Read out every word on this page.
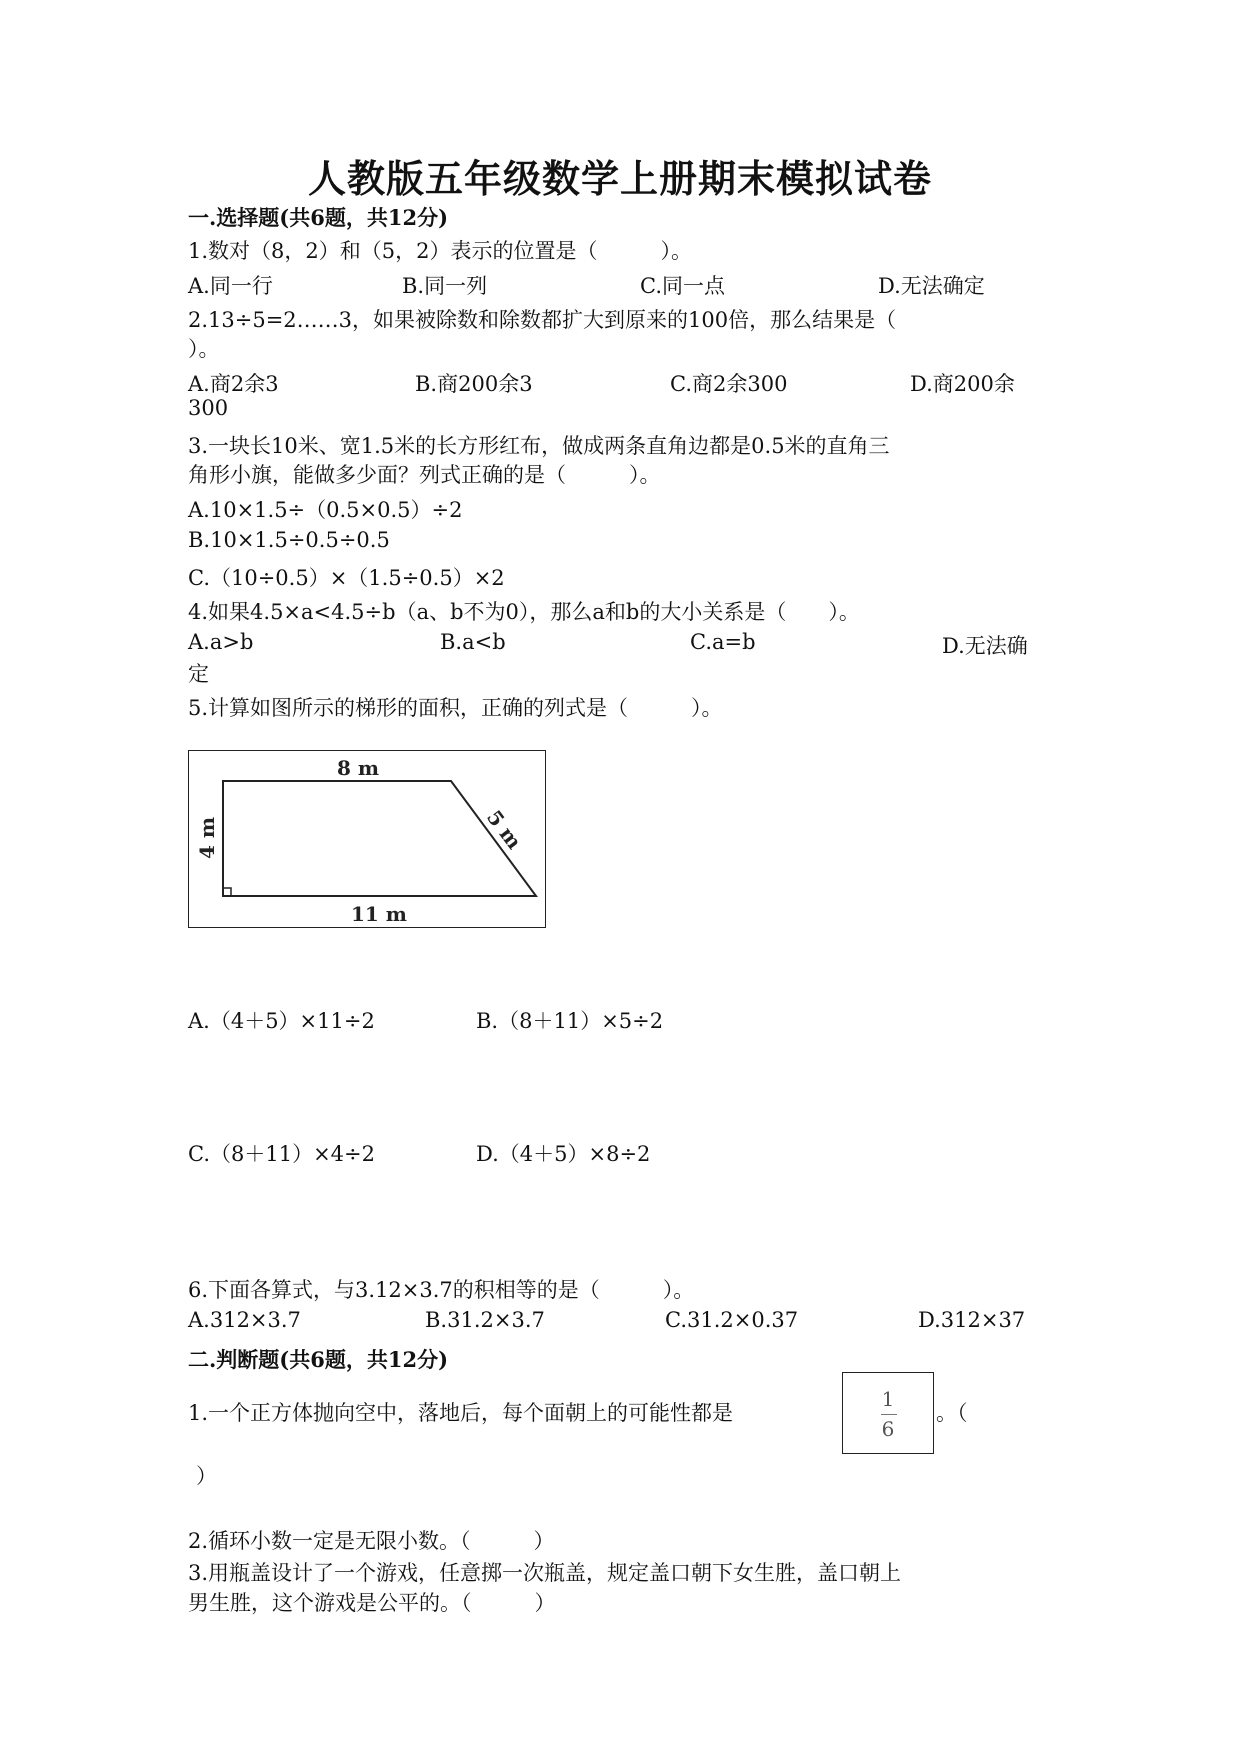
人教版五年级数学上册期末模拟试卷
一.选择题(共6题，共12分)
1.数对（8，2）和（5，2）表示的位置是（　　　）。
A.同一行	B.同一列	C.同一点	D.无法确定
2.13÷5=2……3，如果被除数和除数都扩大到原来的100倍，那么结果是（
）。
A.商2余3	B.商200余3	C.商2余300	D.商200余
300
3.一块长10米、宽1.5米的长方形红布，做成两条直角边都是0.5米的直角三
角形小旗，能做多少面？列式正确的是（　　　）。
A.10×1.5÷（0.5×0.5）÷2
B.10×1.5÷0.5÷0.5
C.（10÷0.5）×（1.5÷0.5）×2
4.如果4.5×a<4.5÷b（a、b不为0），那么a和b的大小关系是（　　）。
A.a>b	B.a<b	C.a=b	D.无法确
定
5.计算如图所示的梯形的面积，正确的列式是（　　　）。
8 m
11 m
4 m	5 m
A.（4＋5）×11÷2	B.（8＋11）×5÷2
C.（8＋11）×4÷2	D.（4＋5）×8÷2
6.下面各算式，与3.12×3.7的积相等的是（　　　）。
A.312×3.7	B.31.2×3.7	C.31.2×0.37	D.312×37
二.判断题(共6题，共12分)
1.一个正方体抛向空中，落地后，每个面朝上的可能性都是
1
6
。（
）
2.循环小数一定是无限小数。（　　　）
3.用瓶盖设计了一个游戏，任意掷一次瓶盖，规定盖口朝下女生胜，盖口朝上
男生胜，这个游戏是公平的。（　　　）
